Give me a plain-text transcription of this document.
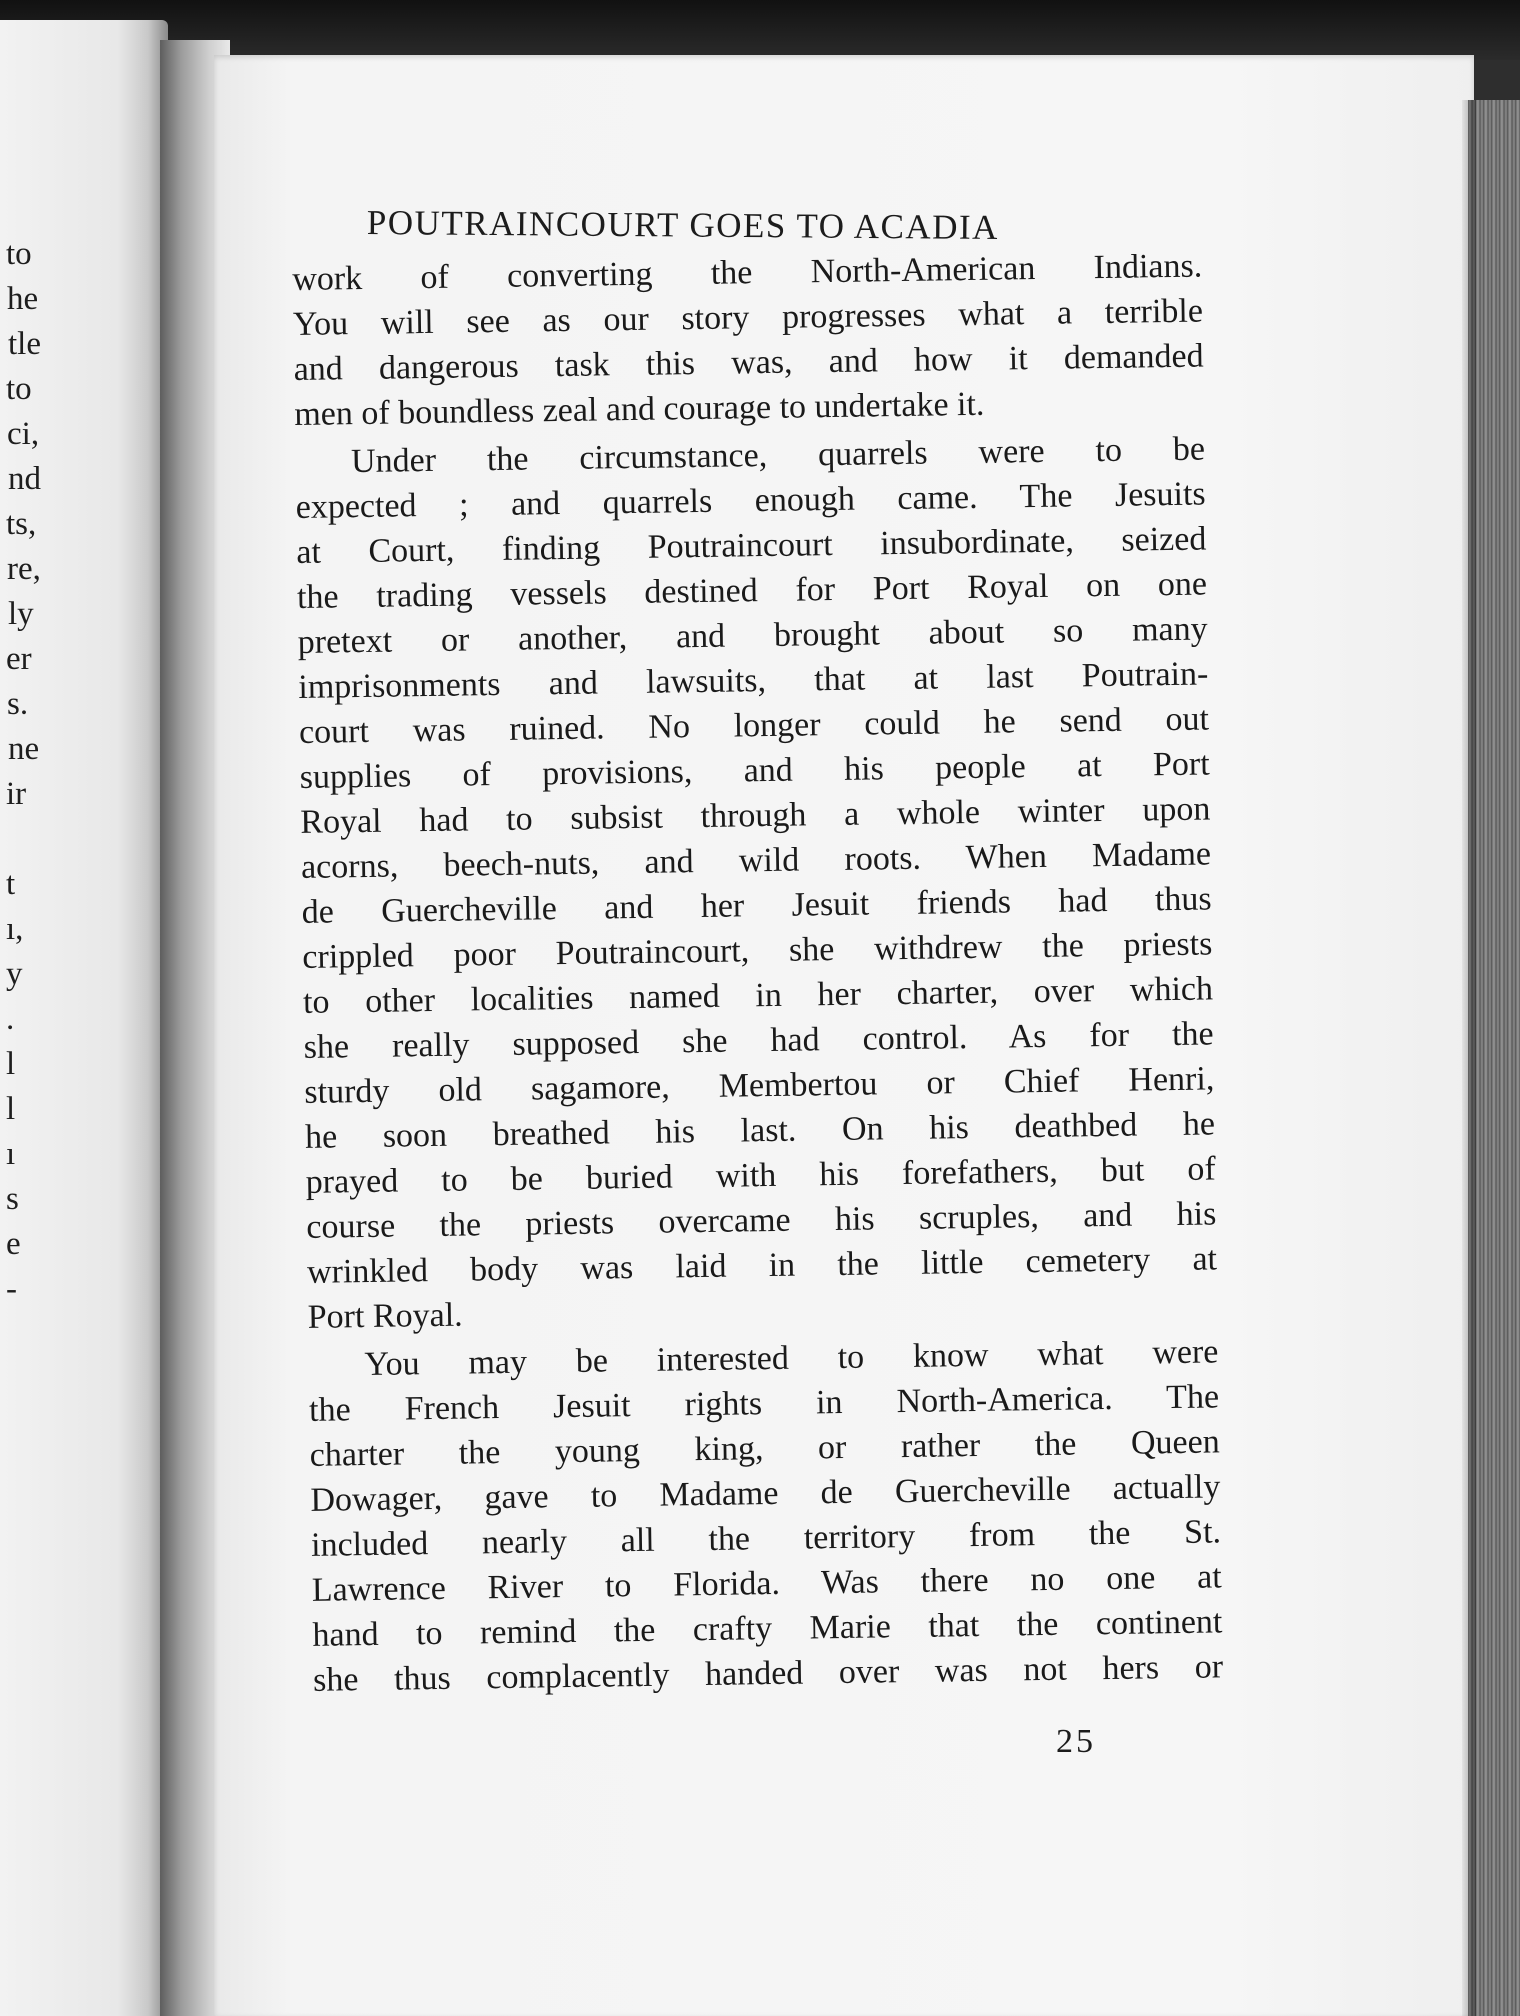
to

he

tle

to

ci,

nd

ts,

re,

ly

er

s.

ne

ir

t

ı,

y

.

l

l

ı

s

e

-

POUTRAINCOURT GOES TO ACADIA

work of converting the North-American Indians.
You will see as our story progresses what a terrible
and dangerous task this was, and how it demanded
men of boundless zeal and courage to undertake it.

Under the circumstance, quarrels were to be
expected ; and quarrels enough came. The Jesuits
at Court, finding Poutraincourt insubordinate, seized
the trading vessels destined for Port Royal on one
pretext or another, and brought about so many
imprisonments and lawsuits, that at last Poutrain-
court was ruined. No longer could he send out
supplies of provisions, and his people at Port
Royal had to subsist through a whole winter upon
acorns, beech-nuts, and wild roots. When Madame
de Guercheville and her Jesuit friends had thus
crippled poor Poutraincourt, she withdrew the priests
to other localities named in her charter, over which
she really supposed she had control. As for the
sturdy old sagamore, Membertou or Chief Henri,
he soon breathed his last. On his deathbed he
prayed to be buried with his forefathers, but of
course the priests overcame his scruples, and his
wrinkled body was laid in the little cemetery at
Port Royal.

You may be interested to know what were
the French Jesuit rights in North-America. The
charter the young king, or rather the Queen
Dowager, gave to Madame de Guercheville actually
included nearly all the territory from the St.
Lawrence River to Florida. Was there no one at
hand to remind the crafty Marie that the continent
she thus complacently handed over was not hers or

25
